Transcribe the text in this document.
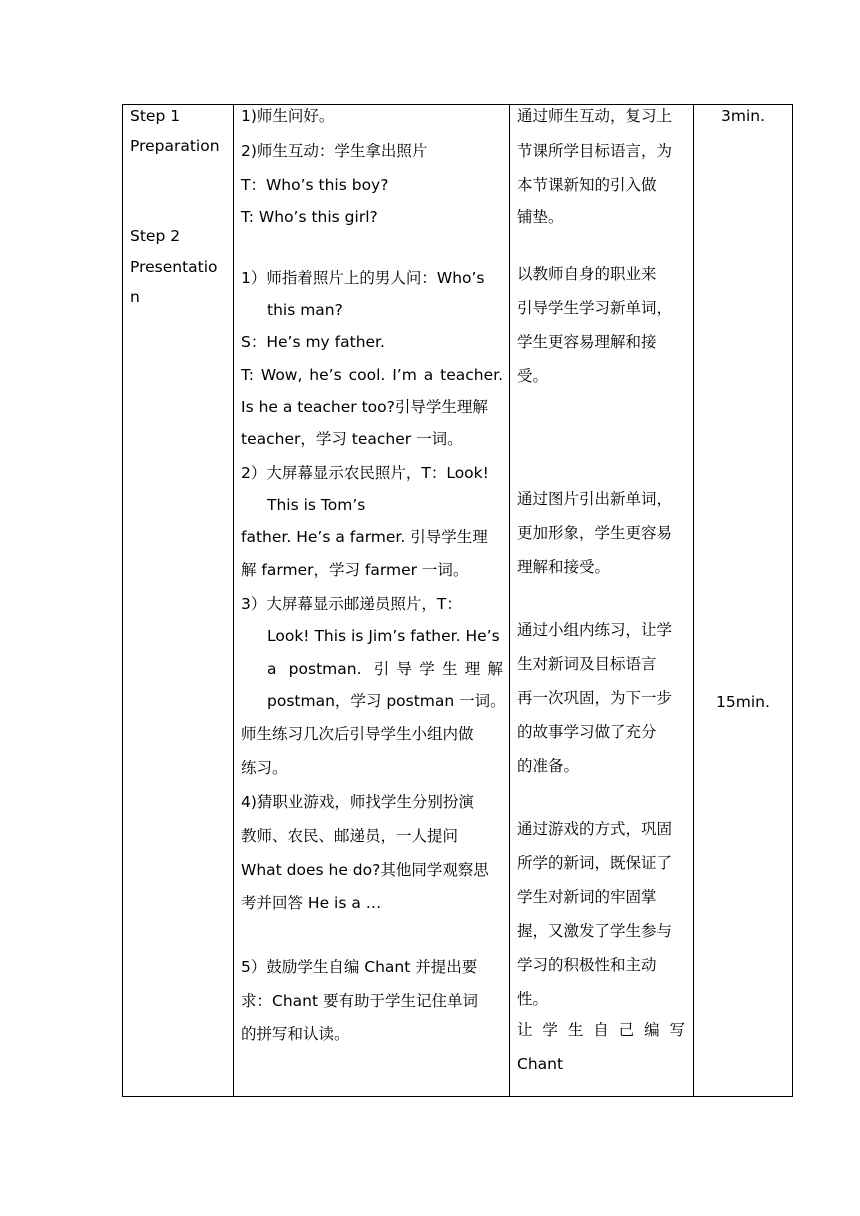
Step 1
Preparation
Step 2
Presentatio
n
1)师生问好。
2)师生互动：学生拿出照片
T：Who’s this boy?
T: Who’s this girl?
1）师指着照片上的男人问：Who’s
this man?
S：He’s my father.
T: Wow, he’s cool. I’m a teacher.
Is he a teacher too?引导学生理解
teacher，学习 teacher 一词。
2）大屏幕显示农民照片，T：Look!
This is Tom’s
father. He’s a farmer. 引导学生理
解 farmer，学习 farmer 一词。
3）大屏幕显示邮递员照片，T：
Look! This is Jim’s father. He’s
a postman. 引导学生理解
postman，学习 postman 一词。
师生练习几次后引导学生小组内做
练习。
4)猜职业游戏，师找学生分别扮演
教师、农民、邮递员，一人提问
What does he do?其他同学观察思
考并回答 He is a …
5）鼓励学生自编 Chant 并提出要
求：Chant 要有助于学生记住单词
的拼写和认读。
通过师生互动，复习上
节课所学目标语言，为
本节课新知的引入做
铺垫。
以教师自身的职业来
引导学生学习新单词，
学生更容易理解和接
受。
通过图片引出新单词，
更加形象，学生更容易
理解和接受。
通过小组内练习，让学
生对新词及目标语言
再一次巩固，为下一步
的故事学习做了充分
的准备。
通过游戏的方式，巩固
所学的新词，既保证了
学生对新词的牢固掌
握，又激发了学生参与
学习的积极性和主动
性。
让学生自己编写
Chant
3min.
15min.
